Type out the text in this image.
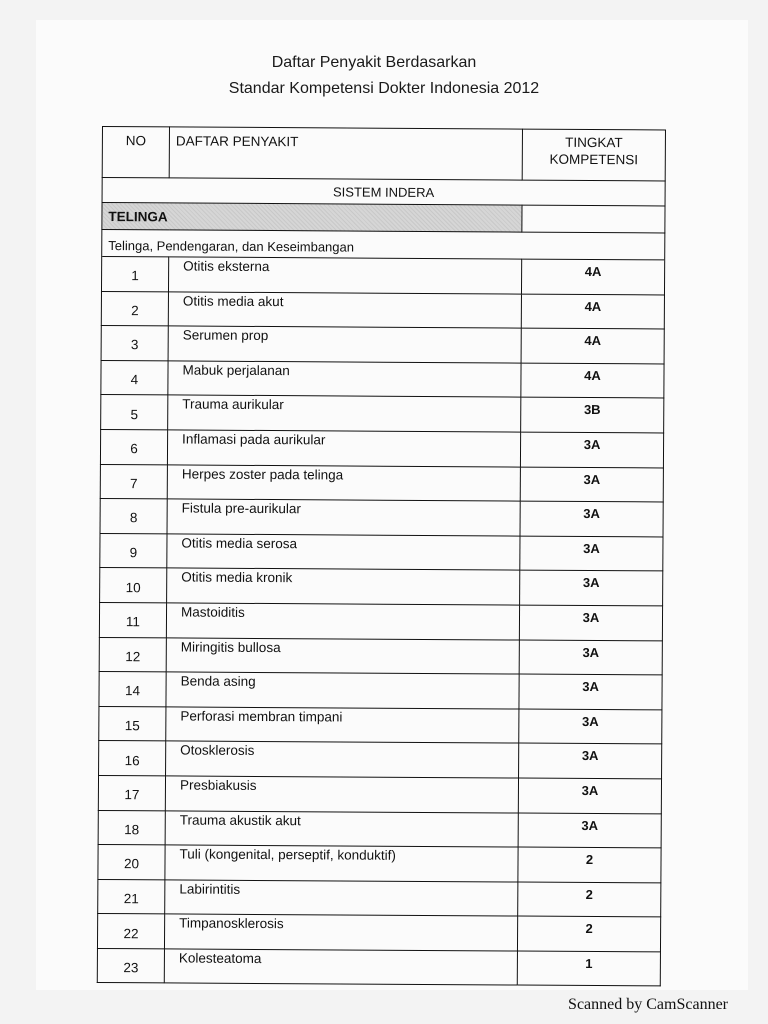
Daftar Penyakit Berdasarkan
Standar Kompetensi Dokter Indonesia 2012
NO	DAFTAR PENYAKIT	TINGKAT KOMPETENSI
SISTEM INDERA		
TELINGA		
Telinga, Pendengaran, dan Keseimbangan		
1	Otitis eksterna	4A
2	Otitis media akut	4A
3	Serumen prop	4A
4	Mabuk perjalanan	4A
5	Trauma aurikular	3B
6	Inflamasi pada aurikular	3A
7	Herpes zoster pada telinga	3A
8	Fistula pre-aurikular	3A
9	Otitis media serosa	3A
10	Otitis media kronik	3A
11	Mastoiditis	3A
12	Miringitis bullosa	3A
14	Benda asing	3A
15	Perforasi membran timpani	3A
16	Otosklerosis	3A
17	Presbiakusis	3A
18	Trauma akustik akut	3A
20	Tuli (kongenital, perseptif, konduktif)	2
21	Labirintitis	2
22	Timpanosklerosis	2
23	Kolesteatoma	1
Scanned by CamScanner
